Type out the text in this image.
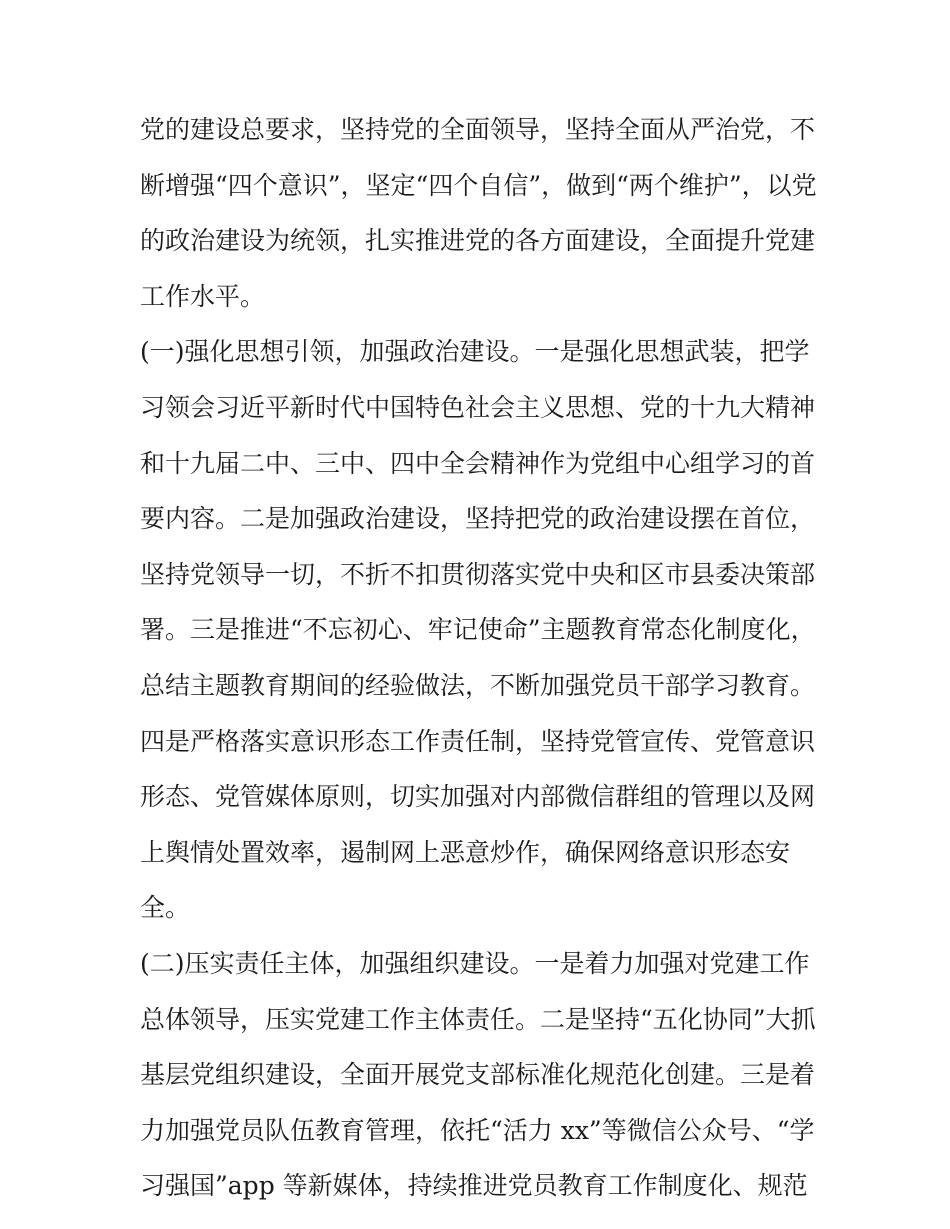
党的建设总要求，坚持党的全面领导，坚持全面从严治党，不
断增强“四个意识”，坚定“四个自信”，做到“两个维护”，以党
的政治建设为统领，扎实推进党的各方面建设，全面提升党建
工作水平。
(一)强化思想引领，加强政治建设。一是强化思想武装，把学
习领会习近平新时代中国特色社会主义思想、党的十九大精神
和十九届二中、三中、四中全会精神作为党组中心组学习的首
要内容。二是加强政治建设，坚持把党的政治建设摆在首位，
坚持党领导一切，不折不扣贯彻落实党中央和区市县委决策部
署。三是推进“不忘初心、牢记使命”主题教育常态化制度化，
总结主题教育期间的经验做法，不断加强党员干部学习教育。
四是严格落实意识形态工作责任制，坚持党管宣传、党管意识
形态、党管媒体原则，切实加强对内部微信群组的管理以及网
上舆情处置效率，遏制网上恶意炒作，确保网络意识形态安
全。
(二)压实责任主体，加强组织建设。一是着力加强对党建工作
总体领导，压实党建工作主体责任。二是坚持“五化协同”大抓
基层党组织建设，全面开展党支部标准化规范化创建。三是着
力加强党员队伍教育管理，依托“活力 xx”等微信公众号、“学
习强国”app 等新媒体，持续推进党员教育工作制度化、规范
